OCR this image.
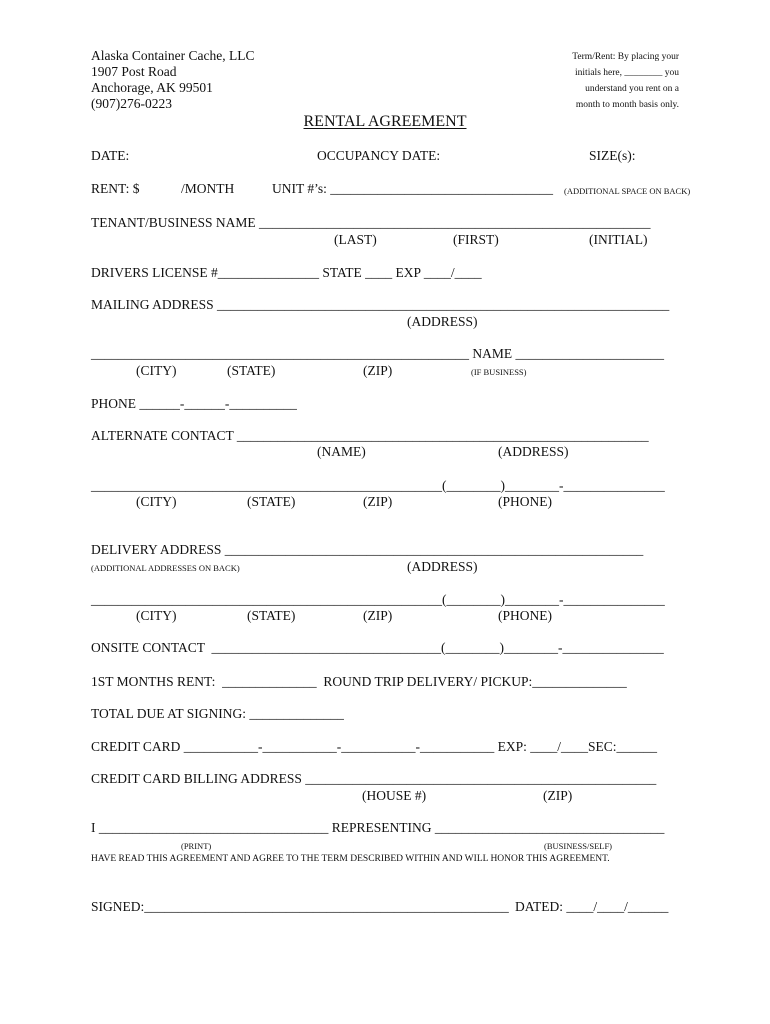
Alaska Container Cache, LLC
1907 Post Road
Anchorage, AK 99501
(907)276-0223
Term/Rent: By placing your
initials here, ________ you
understand you rent on a
month to month basis only.
RENTAL AGREEMENT
DATE:	OCCUPANCY DATE:	SIZE(s):
RENT: $	/MONTH	UNIT #’s: _________________________________ (ADDITIONAL SPACE ON BACK)
TENANT/BUSINESS NAME __________________________________________________________
(LAST)	(FIRST)	(INITIAL)
DRIVERS LICENSE #_______________ STATE ____ EXP ____/____
MAILING ADDRESS ___________________________________________________________________
(ADDRESS)
________________________________________________________ NAME ______________________
(CITY)	(STATE)	(ZIP)	(IF BUSINESS)
PHONE ______-______-__________
ALTERNATE CONTACT _____________________________________________________________
(NAME)	(ADDRESS)
____________________________________________________(________)________-_______________
(CITY)	(STATE)	(ZIP)	(PHONE)
DELIVERY ADDRESS ______________________________________________________________
(ADDITIONAL ADDRESSES ON BACK)	(ADDRESS)
____________________________________________________(________)________-_______________
(CITY)	(STATE)	(ZIP)	(PHONE)
ONSITE CONTACT  __________________________________(________)________-_______________
1ST MONTHS RENT:  ______________  ROUND TRIP DELIVERY/ PICKUP:______________
TOTAL DUE AT SIGNING: ______________
CREDIT CARD ___________-___________-___________-___________ EXP: ____/____SEC:______
CREDIT CARD BILLING ADDRESS ____________________________________________________
(HOUSE #)	(ZIP)
I __________________________________ REPRESENTING __________________________________
(PRINT)	(BUSINESS/SELF)
HAVE READ THIS AGREEMENT AND AGREE TO THE TERM DESCRIBED WITHIN AND WILL HONOR THIS AGREEMENT.
SIGNED:______________________________________________________ DATED: ____/____/______
